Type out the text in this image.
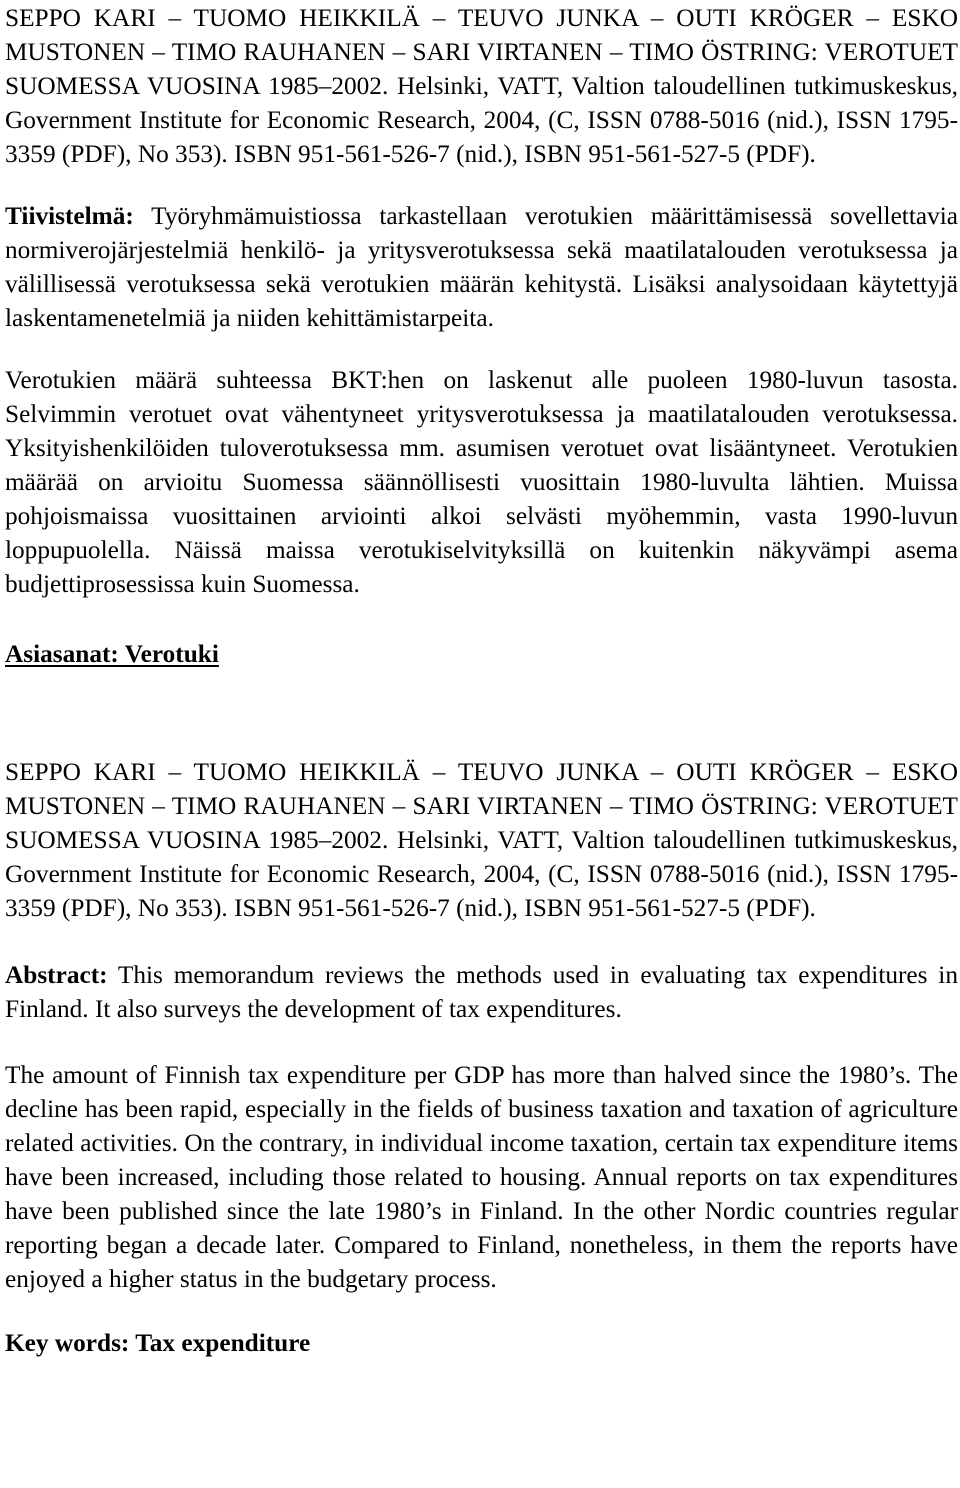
SEPPO KARI – TUOMO HEIKKILÄ – TEUVO JUNKA – OUTI KRÖGER – ESKO MUSTONEN – TIMO RAUHANEN – SARI VIRTANEN – TIMO ÖSTRING: VEROTUET SUOMESSA VUOSINA 1985–2002. Helsinki, VATT, Valtion taloudellinen tutkimuskeskus, Government Institute for Economic Research, 2004, (C, ISSN 0788-5016 (nid.), ISSN 1795-3359 (PDF), No 353). ISBN 951-561-526-7 (nid.), ISBN 951-561-527-5 (PDF).

Tiivistelmä: Työryhmämuistiossa tarkastellaan verotukien määrittämisessä sovellettavia normiverojärjestelmiä henkilö- ja yritysverotuksessa sekä maatilatalouden verotuksessa ja välillisessä verotuksessa sekä verotukien määrän kehitystä. Lisäksi analysoidaan käytettyjä laskentamenetelmiä ja niiden kehittämistarpeita.

Verotukien määrä suhteessa BKT:hen on laskenut alle puoleen 1980-luvun tasosta. Selvimmin verotuet ovat vähentyneet yritysverotuksessa ja maatilatalouden verotuksessa. Yksityishenkilöiden tuloverotuksessa mm. asumisen verotuet ovat lisääntyneet. Verotukien määrää on arvioitu Suomessa säännöllisesti vuosittain 1980-luvulta lähtien. Muissa pohjoismaissa vuosittainen arviointi alkoi selvästi myöhemmin, vasta 1990-luvun loppupuolella. Näissä maissa verotukiselvityksillä on kuitenkin näkyvämpi asema budjettiprosessissa kuin Suomessa.

Asiasanat: Verotuki

SEPPO KARI – TUOMO HEIKKILÄ – TEUVO JUNKA – OUTI KRÖGER – ESKO MUSTONEN – TIMO RAUHANEN – SARI VIRTANEN – TIMO ÖSTRING: VEROTUET SUOMESSA VUOSINA 1985–2002. Helsinki, VATT, Valtion taloudellinen tutkimuskeskus, Government Institute for Economic Research, 2004, (C, ISSN 0788-5016 (nid.), ISSN 1795-3359 (PDF), No 353). ISBN 951-561-526-7 (nid.), ISBN 951-561-527-5 (PDF).

Abstract: This memorandum reviews the methods used in evaluating tax expenditures in Finland. It also surveys the development of tax expenditures.

The amount of Finnish tax expenditure per GDP has more than halved since the 1980’s. The decline has been rapid, especially in the fields of business taxation and taxation of agriculture related activities. On the contrary, in individual income taxation, certain tax expenditure items have been increased, including those related to housing. Annual reports on tax expenditures have been published since the late 1980’s in Finland. In the other Nordic countries regular reporting began a decade later. Compared to Finland, nonetheless, in them the reports have enjoyed a higher status in the budgetary process.

Key words: Tax expenditure
